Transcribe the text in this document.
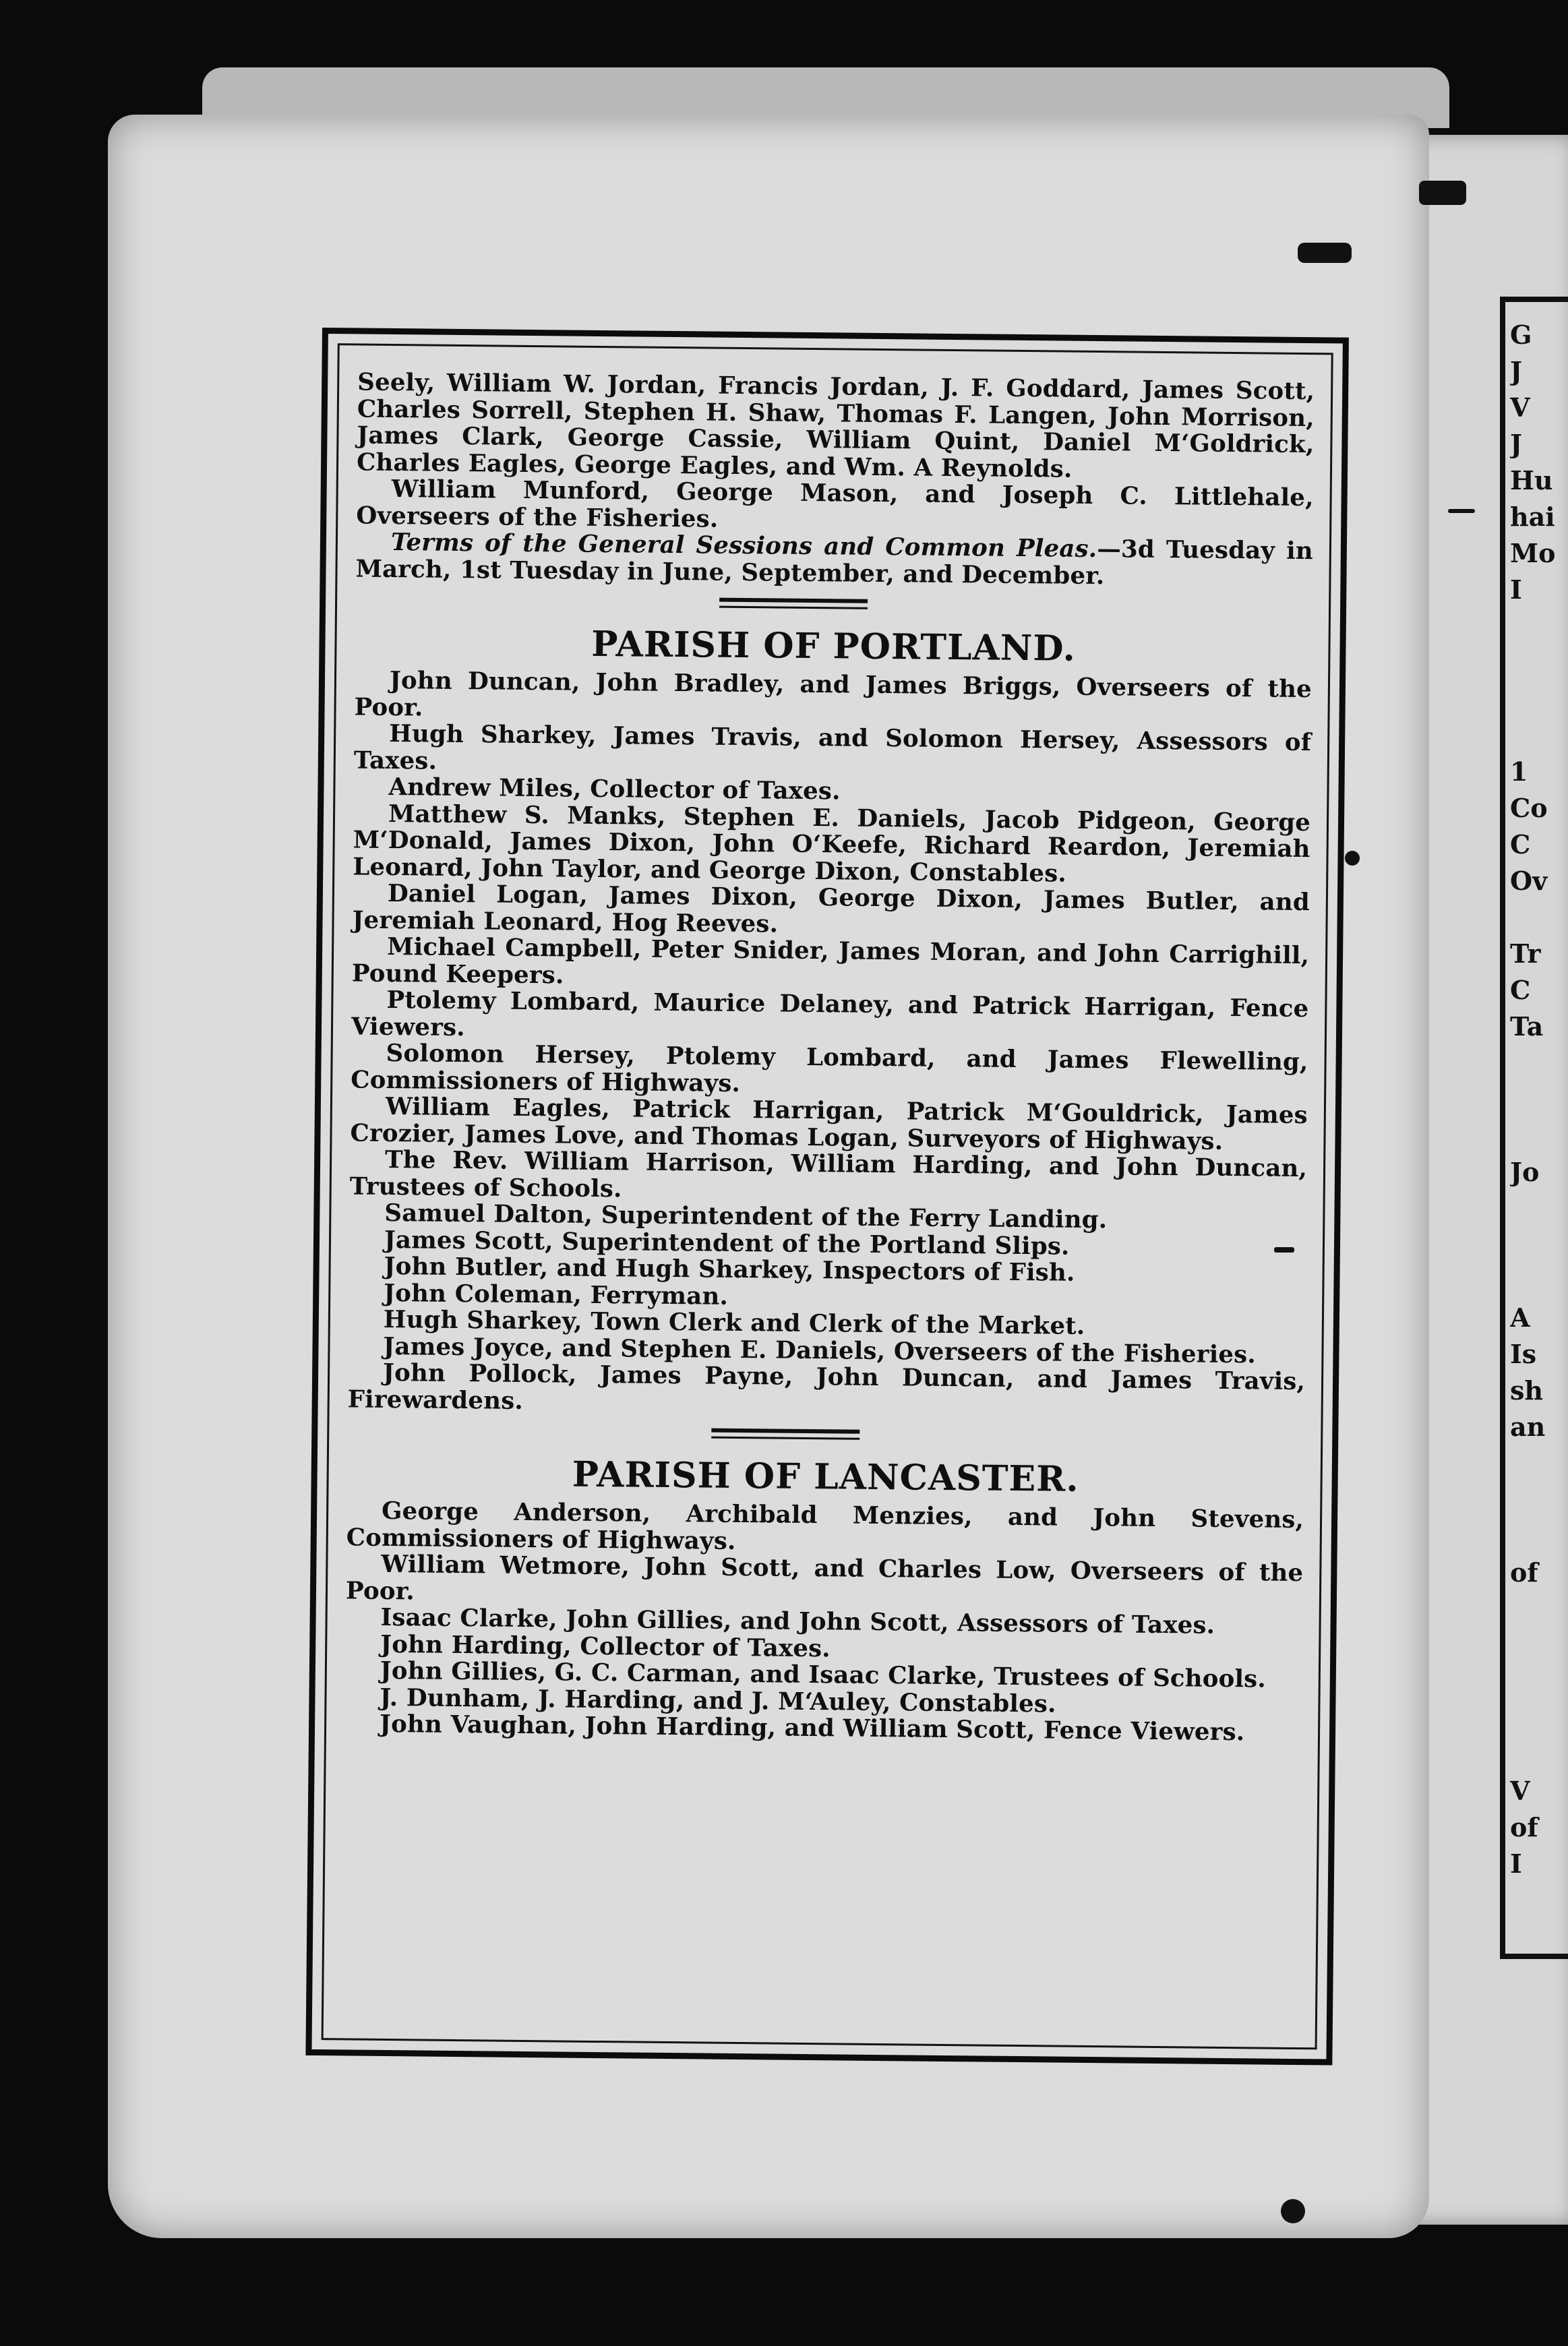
G
J
V
J
Hu
hai
Mo
I

1
Co
C
Ov

Tr
C
Ta

Jo

A
Is
sh
an

of

V
of
I

Seely, William W. Jordan, Francis Jordan, J. F. Goddard, James Scott, Charles Sorrell, Stephen H. Shaw, Thomas F. Langen, John Morrison, James Clark, George Cassie, William Quint, Daniel M‘Goldrick, Charles Eagles, George Eagles, and Wm. A Reynolds.

William Munford, George Mason, and Joseph C. Littlehale, Overseers of the Fisheries.

Terms of the General Sessions and Common Pleas.—3d Tuesday in March, 1st Tuesday in June, September, and December.

PARISH OF PORTLAND.

John Duncan, John Bradley, and James Briggs, Overseers of the Poor.

Hugh Sharkey, James Travis, and Solomon Hersey, Assessors of Taxes.

Andrew Miles, Collector of Taxes.

Matthew S. Manks, Stephen E. Daniels, Jacob Pidgeon, George M‘Donald, James Dixon, John O‘Keefe, Richard Reardon, Jeremiah Leonard, John Taylor, and George Dixon, Constables.

Daniel Logan, James Dixon, George Dixon, James Butler, and Jeremiah Leonard, Hog Reeves.

Michael Campbell, Peter Snider, James Moran, and John Carrighill, Pound Keepers.

Ptolemy Lombard, Maurice Delaney, and Patrick Harrigan, Fence Viewers.

Solomon Hersey, Ptolemy Lombard, and James Flewelling, Commissioners of Highways.

William Eagles, Patrick Harrigan, Patrick M‘Gouldrick, James Crozier, James Love, and Thomas Logan, Surveyors of Highways.

The Rev. William Harrison, William Harding, and John Duncan, Trustees of Schools.

Samuel Dalton, Superintendent of the Ferry Landing.

James Scott, Superintendent of the Portland Slips.

John Butler, and Hugh Sharkey, Inspectors of Fish.

John Coleman, Ferryman.

Hugh Sharkey, Town Clerk and Clerk of the Market.

James Joyce, and Stephen E. Daniels, Overseers of the Fisheries.

John Pollock, James Payne, John Duncan, and James Travis, Firewardens.

PARISH OF LANCASTER.

George Anderson, Archibald Menzies, and John Stevens, Commissioners of Highways.

William Wetmore, John Scott, and Charles Low, Overseers of the Poor.

Isaac Clarke, John Gillies, and John Scott, Assessors of Taxes.

John Harding, Collector of Taxes.

John Gillies, G. C. Carman, and Isaac Clarke, Trustees of Schools.

J. Dunham, J. Harding, and J. M‘Auley, Constables.

John Vaughan, John Harding, and William Scott, Fence Viewers.
